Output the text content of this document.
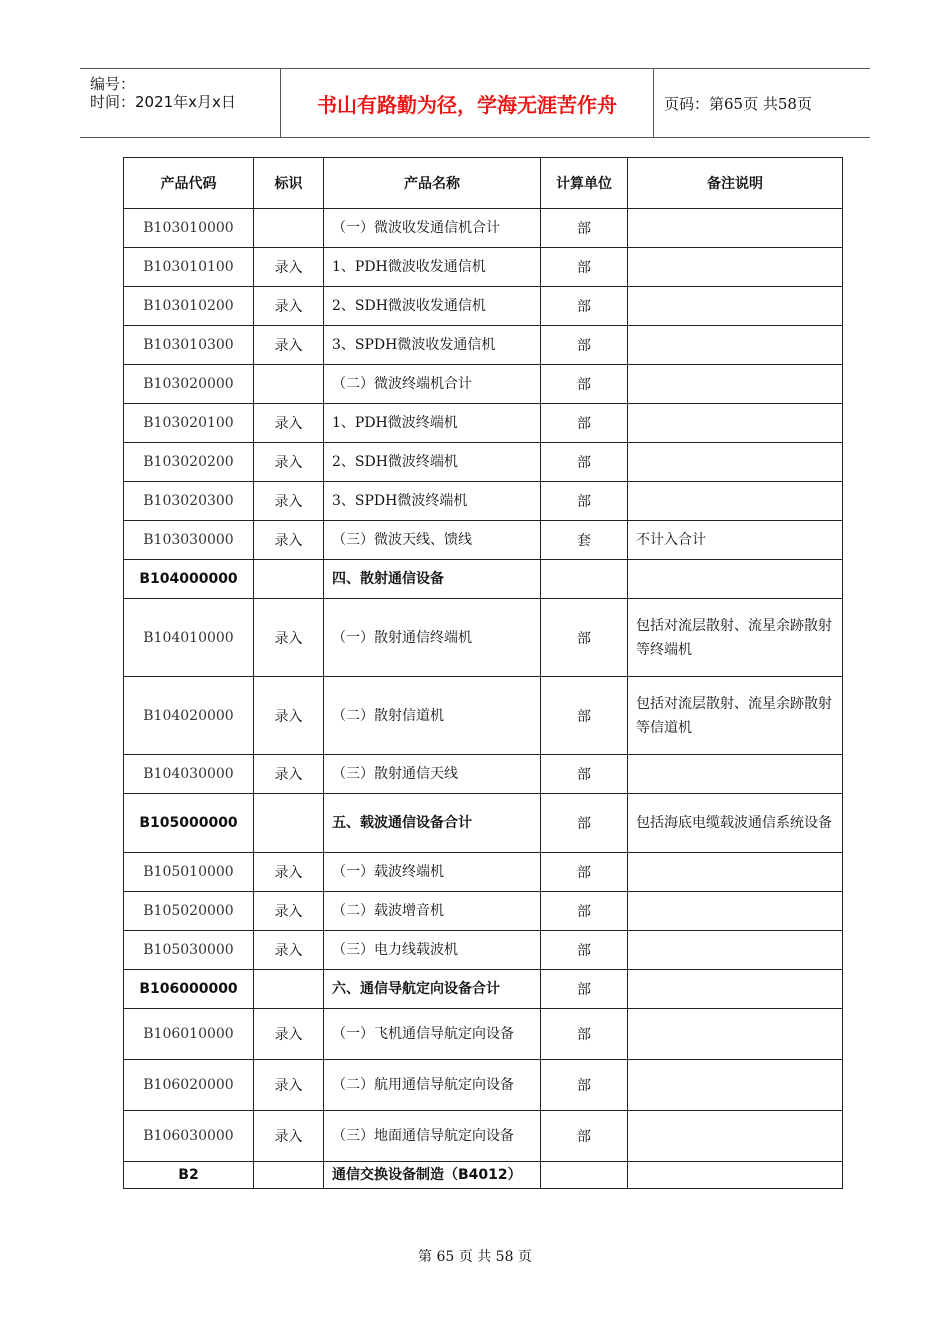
编号：
时间：2021年x月x日	书山有路勤为径，学海无涯苦作舟	页码：第65页 共58页
产品代码	标识	产品名称	计算单位	备注说明
B103010000		（一）微波收发通信机合计	部	
B103010100	录入	1、PDH微波收发通信机	部	
B103010200	录入	2、SDH微波收发通信机	部	
B103010300	录入	3、SPDH微波收发通信机	部	
B103020000		（二）微波终端机合计	部	
B103020100	录入	1、PDH微波终端机	部	
B103020200	录入	2、SDH微波终端机	部	
B103020300	录入	3、SPDH微波终端机	部	
B103030000	录入	（三）微波天线、馈线	套	不计入合计
B104000000		四、散射通信设备		
B104010000	录入	（一）散射通信终端机	部	包括对流层散射、流星余跡散射等终端机
B104020000	录入	（二）散射信道机	部	包括对流层散射、流星余跡散射等信道机
B104030000	录入	（三）散射通信天线	部	
B105000000		五、载波通信设备合计	部	包括海底电缆载波通信系统设备
B105010000	录入	（一）载波终端机	部	
B105020000	录入	（二）载波增音机	部	
B105030000	录入	（三）电力线载波机	部	
B106000000		六、通信导航定向设备合计	部	
B106010000	录入	（一）飞机通信导航定向设备	部	
B106020000	录入	（二）航用通信导航定向设备	部	
B106030000	录入	（三）地面通信导航定向设备	部	
B2		通信交换设备制造（B4012）		
第 65 页 共 58 页
